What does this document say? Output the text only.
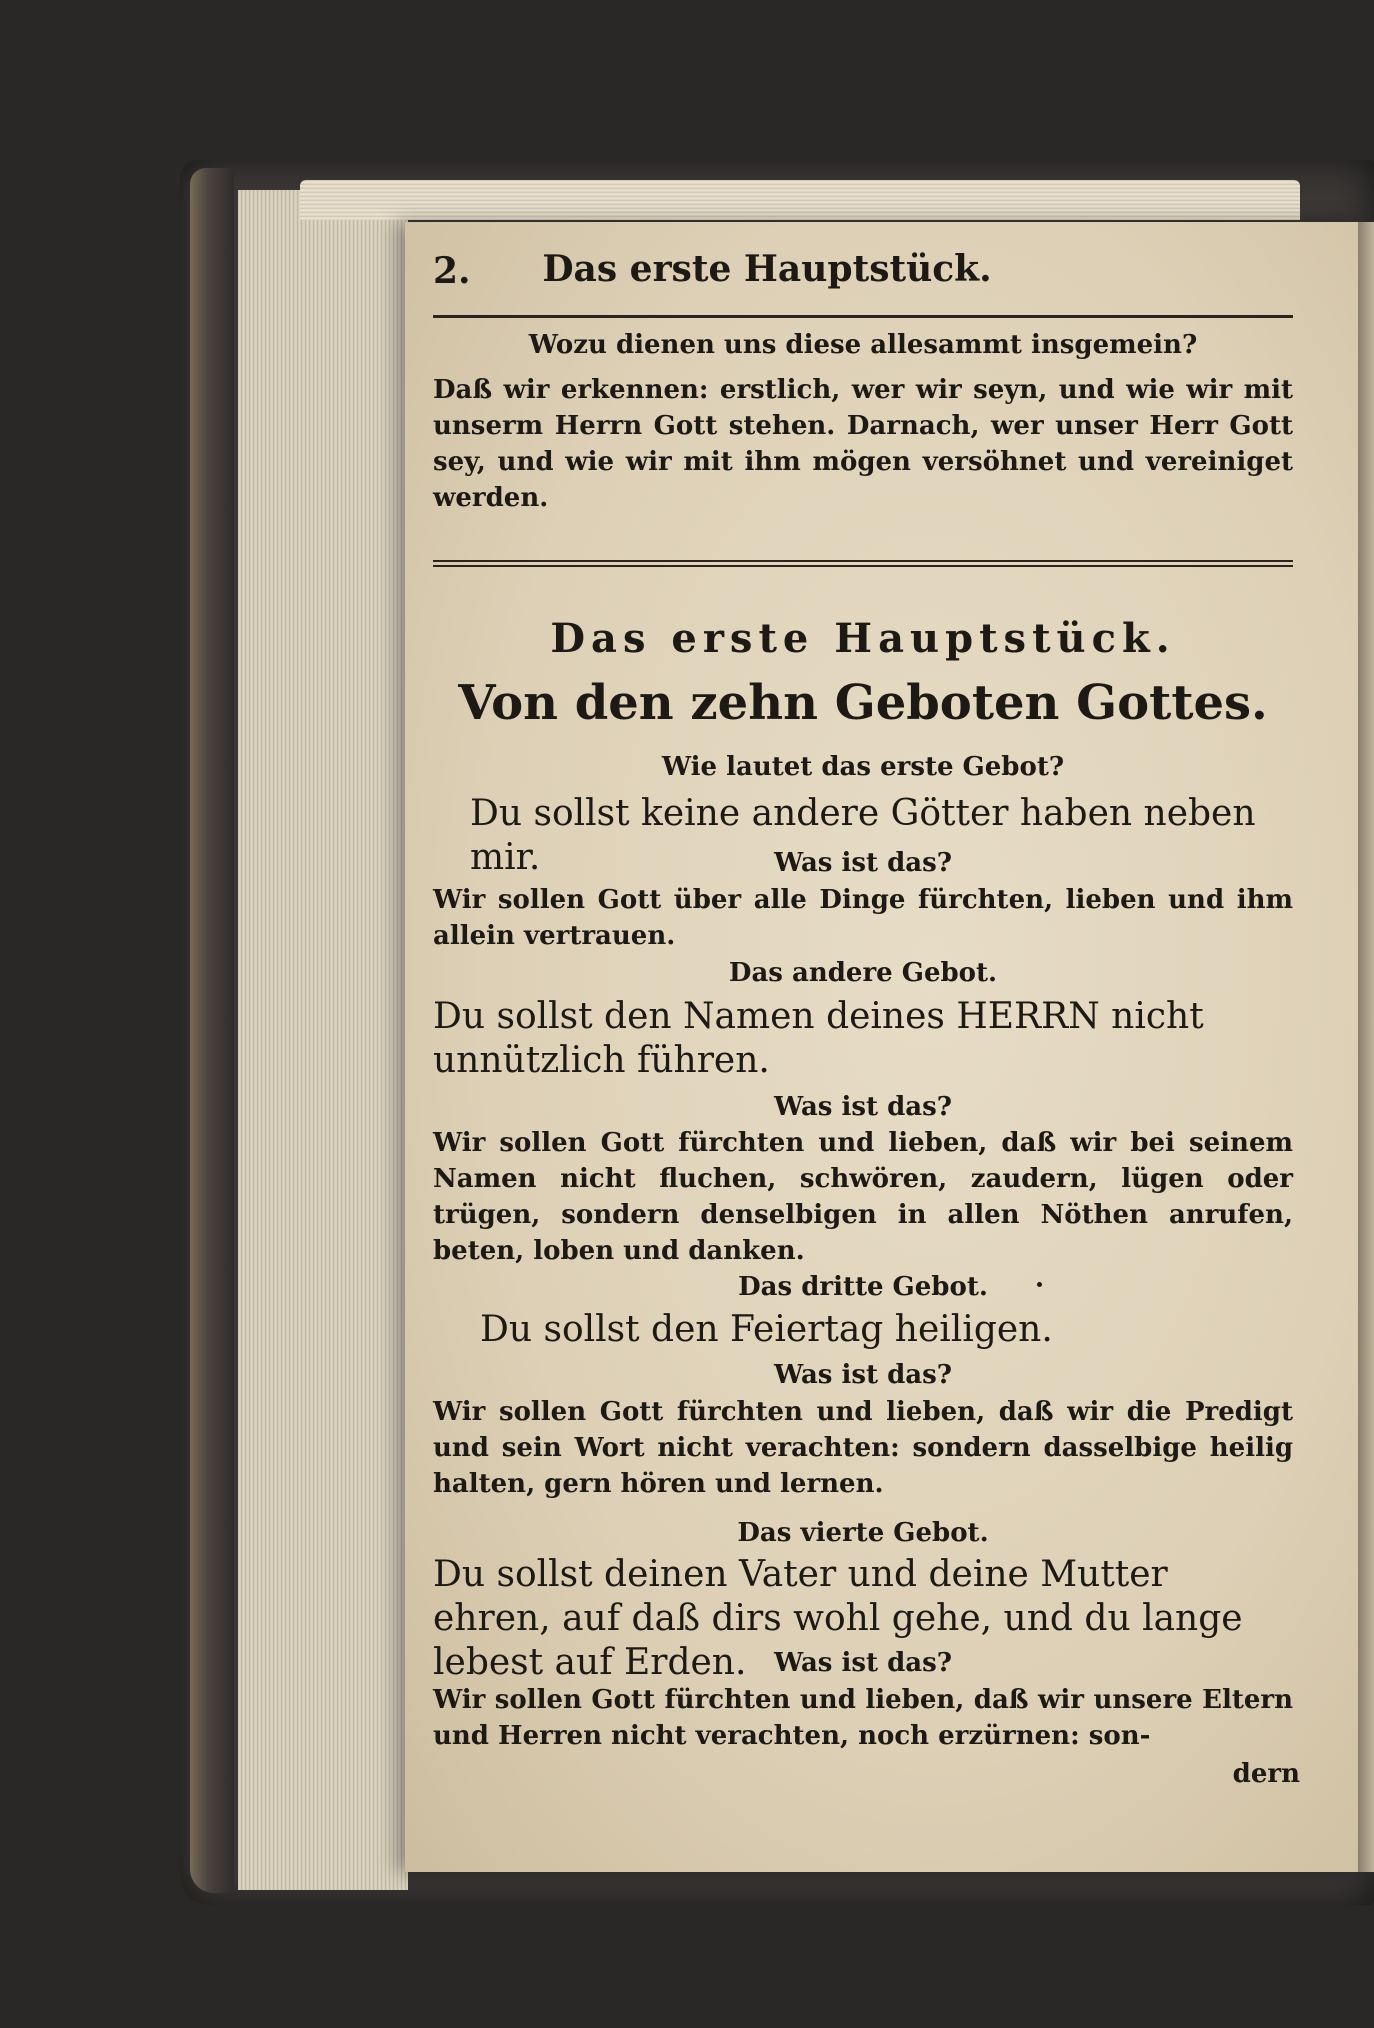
2.	Das erste Hauptstück.
Wozu dienen uns diese allesammt insgemein?
Daß wir erkennen: erstlich, wer wir seyn, und wie wir mit unserm Herrn Gott stehen. Darnach, wer unser Herr Gott sey, und wie wir mit ihm mögen versöhnet und vereiniget werden.
Das erste Hauptstück.
Von den zehn Geboten Gottes.
Wie lautet das erste Gebot?
Du sollst keine andere Götter haben neben mir.	Was ist das?
Wir sollen Gott über alle Dinge fürchten, lieben und ihm allein vertrauen.
Das andere Gebot.
Du sollst den Namen deines HERRN nicht unnützlich führen.
Was ist das?
Wir sollen Gott fürchten und lieben, daß wir bei seinem Namen nicht fluchen, schwören, zaudern, lügen oder trügen, sondern denselbigen in allen Nöthen anrufen, beten, loben und danken.
Das dritte Gebot.
Du sollst den Feiertag heiligen.
Was ist das?
Wir sollen Gott fürchten und lieben, daß wir die Predigt und sein Wort nicht verachten: sondern dasselbige heilig halten, gern hören und lernen.
Das vierte Gebot.
Du sollst deinen Vater und deine Mutter ehren, auf daß dirs wohl gehe, und du lange lebest auf Erden.	Was ist das?
Wir sollen Gott fürchten und lieben, daß wir unsere Eltern und Herren nicht verachten, noch erzürnen: son-
dern
